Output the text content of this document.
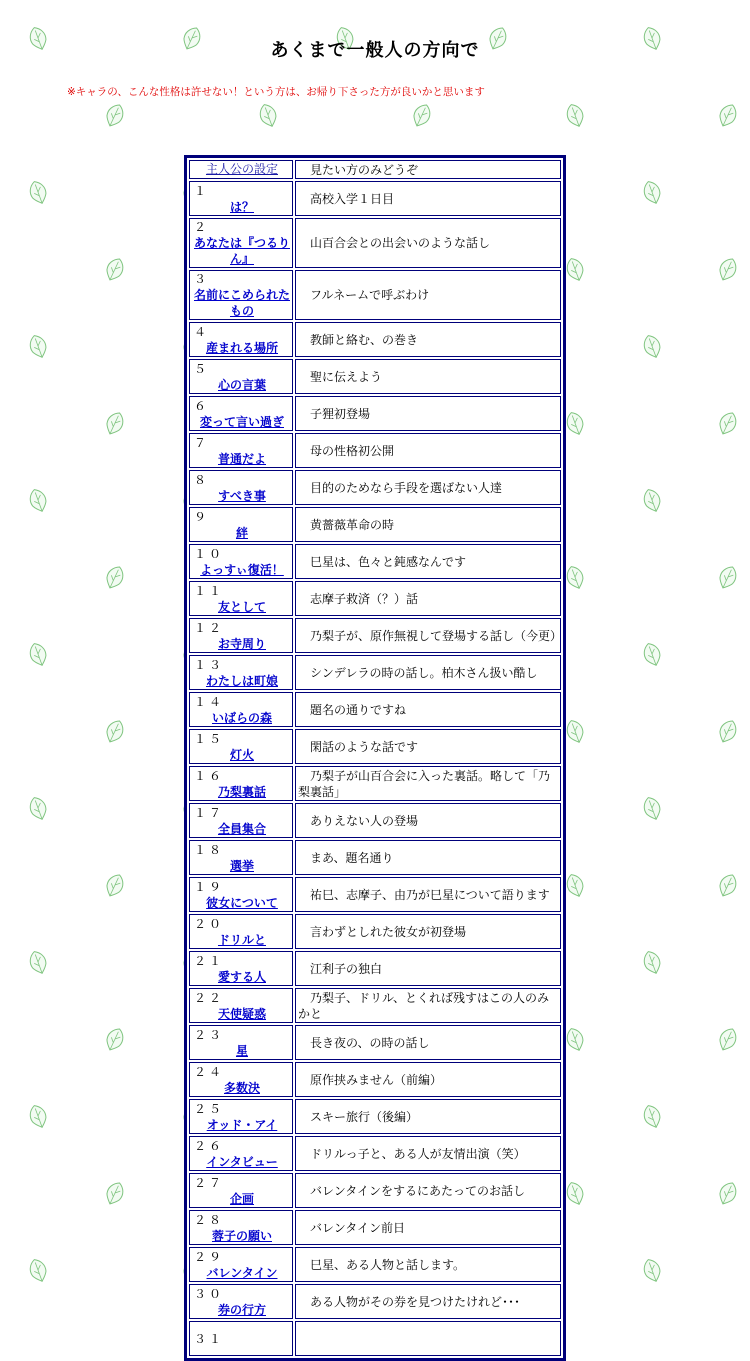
あくまで一般人の方向で
※キャラの、こんな性格は許せない！という方は、お帰り下さった方が良いかと思います
主人公の設定	見たい方のみどうぞ

１
は？	高校入学１日目

２
あなたは『つるりん』	山百合会との出会いのような話し

３
名前にこめられたもの	フルネームで呼ぶわけ

４
産まれる場所	教師と絡む、の巻き

５
心の言葉	聖に伝えよう

６
変って言い過ぎ	子狸初登場

７
普通だよ	母の性格初公開

８
すべき事	目的のためなら手段を選ばない人達

９
絆	黄薔薇革命の時

１０
よっすぃ復活！	巳星は、色々と鈍感なんです

１１
友として	志摩子救済（？）話

１２
お寺周り	乃梨子が、原作無視して登場する話し（今更）

１３
わたしは町娘	シンデレラの時の話し。柏木さん扱い酷し

１４
いばらの森	題名の通りですね

１５
灯火	閑話のような話です

１６
乃梨裏話	乃梨子が山百合会に入った裏話。略して「乃梨裏話」

１７
全員集合	ありえない人の登場

１８
選挙	まあ、題名通り

１９
彼女について	祐巳、志摩子、由乃が巳星について語ります

２０
ドリルと	言わずとしれた彼女が初登場

２１
愛する人	江利子の独白

２２
天使疑惑	乃梨子、ドリル、とくれば残すはこの人のみかと

２３
星	長き夜の、の時の話し

２４
多数決	原作挟みません（前編）

２５
オッド・アイ	スキー旅行（後編）

２６
インタビュー	ドリルっ子と、ある人が友情出演（笑）

２７
企画	バレンタインをするにあたってのお話し

２８
蓉子の願い	バレンタイン前日

２９
バレンタイン	巳星、ある人物と話します。

３０
券の行方	ある人物がその券を見つけたけれど･･･

３１	
